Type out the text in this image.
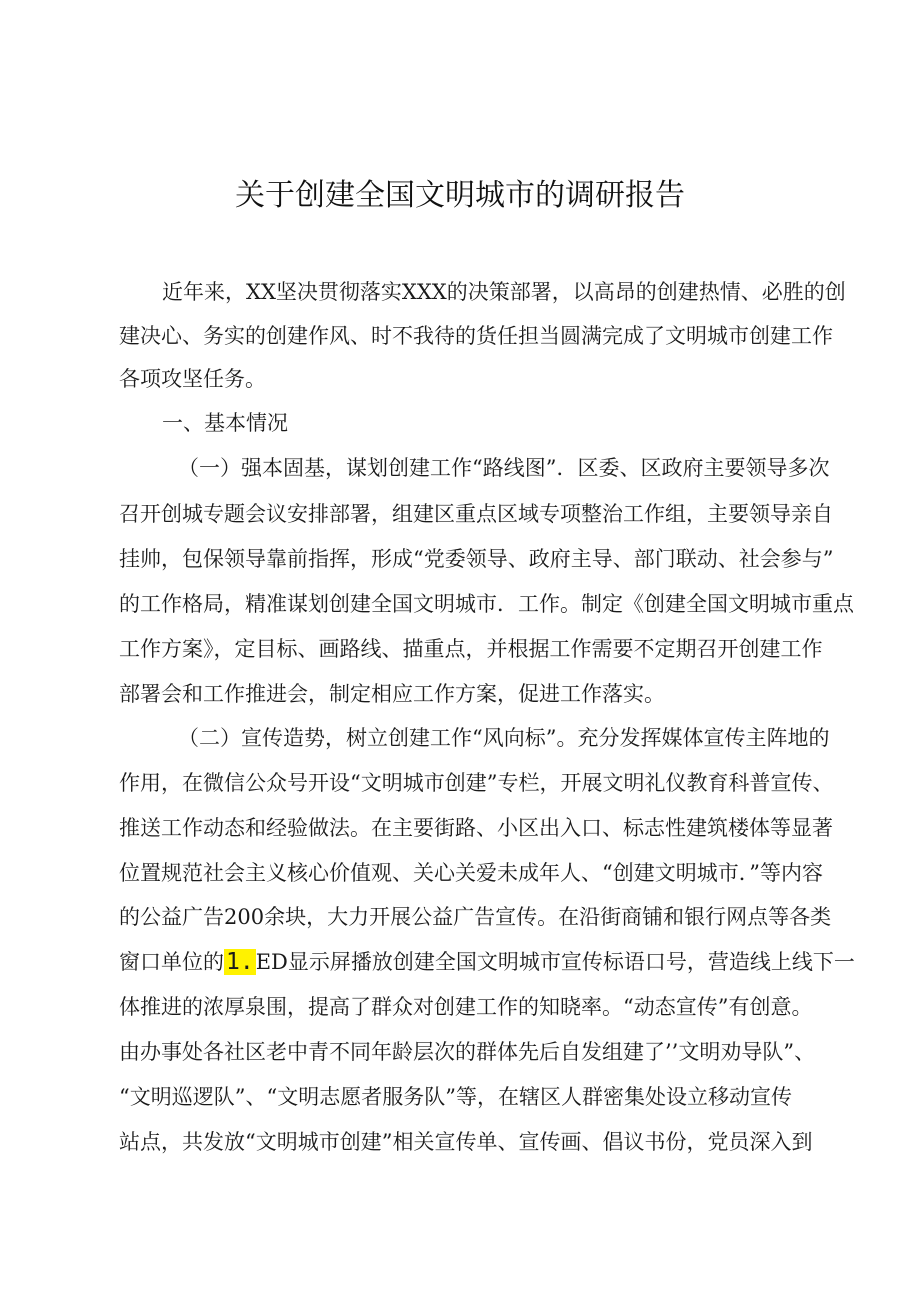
关于创建全国文明城市的调研报告
近年来，XX坚决贯彻落实XXX的决策部署，以高昂的创建热情、必胜的创
建决心、务实的创建作风、时不我待的货任担当圆满完成了文明城市创建工作
各项攻坚任务。
一、基本情况
（一）强本固基，谋划创建工作“路线图”．区委、区政府主要领导多次
召开创城专题会议安排部署，组建区重点区域专项整治工作组，主要领导亲自
挂帅，包保领导靠前指挥，形成“党委领导、政府主导、部门联动、社会参与”
的工作格局，精准谋划创建全国文明城市．工作。制定《创建全国文明城市重点
工作方案》，定目标、画路线、描重点，并根据工作需要不定期召开创建工作
部署会和工作推进会，制定相应工作方案，促进工作落实。
（二）宣传造势，树立创建工作“风向标”。充分发挥媒体宣传主阵地的
作用，在微信公众号开设“文明城市创建”专栏，开展文明礼仪教育科普宣传、
推送工作动态和经验做法。在主要街路、小区出入口、标志性建筑楼体等显著
位置规范社会主义核心价值观、关心关爱未成年人、“创建文明城市．”等内容
的公益广告200余块，大力开展公益广告宣传。在沿街商铺和银行网点等各类
窗口单位的1.ED显示屏播放创建全国文明城市宣传标语口号，营造线上线下一
体推进的浓厚泉围，提高了群众对创建工作的知晓率。“动态宣传”有创意。
由办事处各社区老中青不同年龄层次的群体先后自发组建了’’文明劝导队”、
“文明巡逻队”、“文明志愿者服务队”等，在辖区人群密集处设立移动宣传
站点，共发放“文明城市创建”相关宣传单、宣传画、倡议书份，党员深入到
